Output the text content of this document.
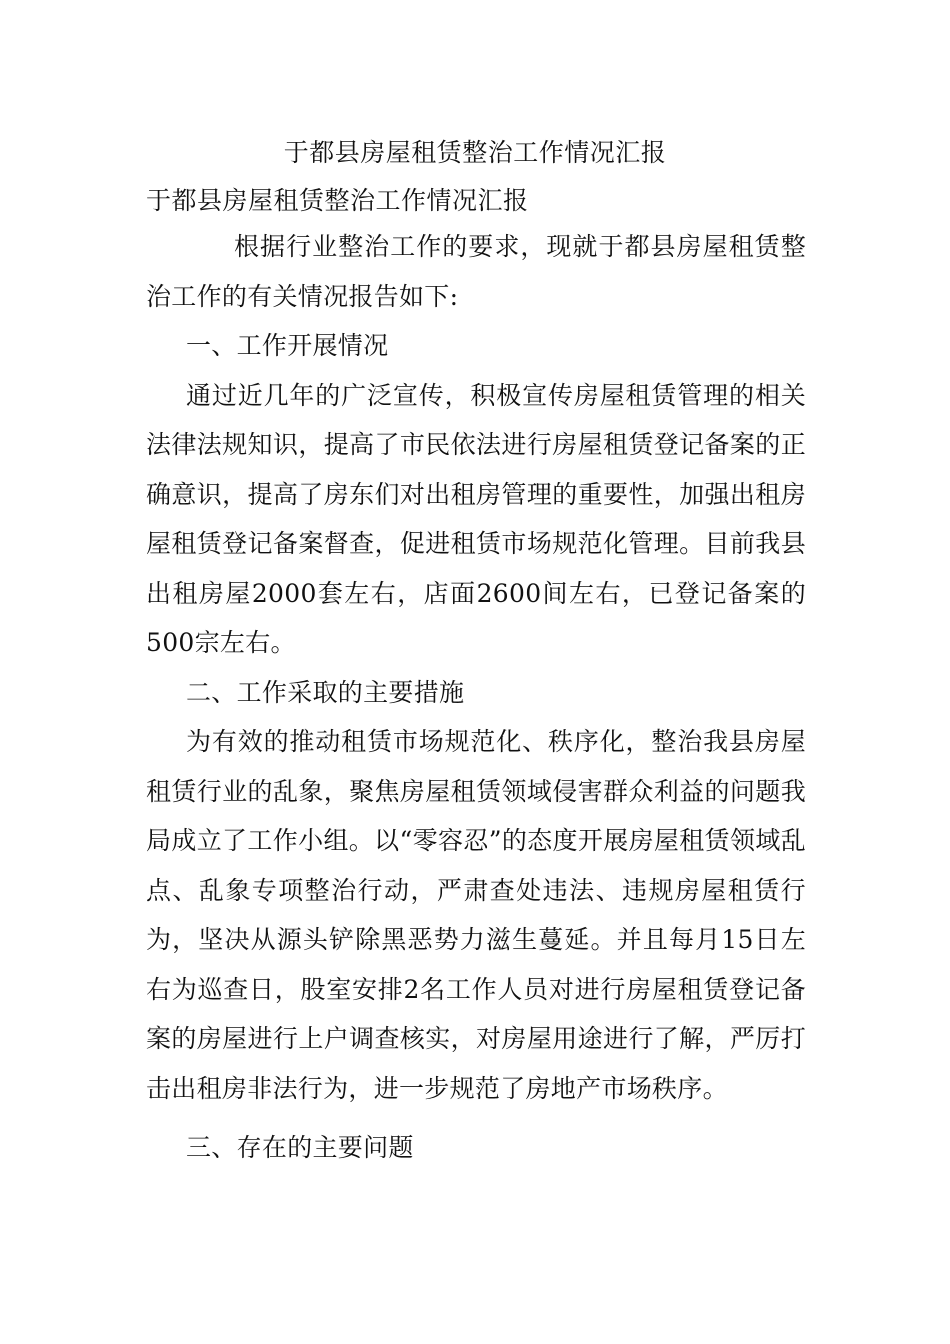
于都县房屋租赁整治工作情况汇报
于都县房屋租赁整治工作情况汇报

根据行业整治工作的要求，现就于都县房屋租赁整治工作的有关情况报告如下:

一、工作开展情况

通过近几年的广泛宣传，积极宣传房屋租赁管理的相关法律法规知识，提高了市民依法进行房屋租赁登记备案的正确意识，提高了房东们对出租房管理的重要性，加强出租房屋租赁登记备案督查，促进租赁市场规范化管理。目前我县出租房屋2000套左右，店面2600间左右，已登记备案的500宗左右。

二、工作采取的主要措施

为有效的推动租赁市场规范化、秩序化，整治我县房屋租赁行业的乱象，聚焦房屋租赁领域侵害群众利益的问题我局成立了工作小组。以“零容忍”的态度开展房屋租赁领域乱点、乱象专项整治行动，严肃查处违法、违规房屋租赁行为，坚决从源头铲除黑恶势力滋生蔓延。并且每月15日左右为巡查日，股室安排2名工作人员对进行房屋租赁登记备案的房屋进行上户调查核实，对房屋用途进行了解，严厉打击出租房非法行为，进一步规范了房地产市场秩序。

三、存在的主要问题
